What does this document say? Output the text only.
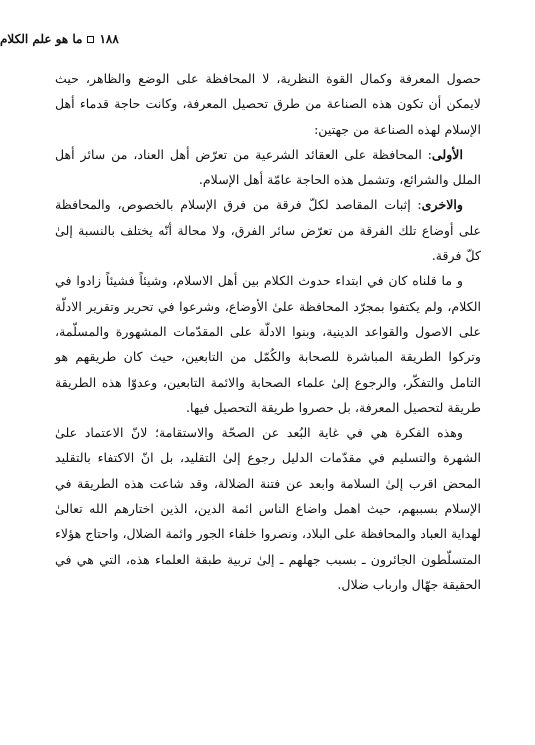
١٨٨
ما هو علم الكلام

حصول المعرفة وكمال القوة النظرية، لا المحافظة على الوضع والظاهر، حيث لايمكن أن تكون هذه الصناعة من طرق تحصيل المعرفة، وكانت حاجة قدماء أهل الإسلام لهذه الصناعة من جهتين:

الأولى: المحافظة على العقائد الشرعية من تعرّض أهل العناد، من سائر أهل الملل والشرائع، وتشمل هذه الحاجة عامّة أهل الإسلام.

والاخرى: إثبات المقاصد لكلّ فرقة من فرق الإسلام بالخصوص، والمحافظة على أوضاع تلك الفرقة من تعرّض سائر الفرق، ولا محالة أنّه يختلف بالنسبة إلىٰ كلّ فرقة.

و ما قلناه كان في ابتداء حدوث الكلام بين أهل الاسلام، وشيئاً فشيئاً زادوا في الكلام، ولم يكتفوا بمجرّد المحافظة علىٰ الأوضاع، وشرعوا في تحرير وتقرير الادلّة على الاصول والقواعد الدينية، وبنوا الادلّة على المقدّمات المشهورة والمسلّمة، وتركوا الطريقة المباشرة للصحابة والكُمّل من التابعين، حيث كان طريقهم هو التامل والتفكّر، والرجوع إلىٰ علماء الصحابة والائمة التابعين، وعدوّا هذه الطريقة طريقة لتحصيل المعرفة، بل حصروا طريقة التحصيل فيها.

وهذه الفكرة هي في غاية البُعد عن الصحّة والاستقامة؛ لانّ الاعتماد علىٰ الشهرة والتسليم في مقدّمات الدليل رجوع إلىٰ التقليد، بل انّ الاكتفاء بالتقليد المحض اقرب إلىٰ السلامة وابعد عن فتنة الضلالة، وقد شاعت هذه الطريقة في الإسلام بسببهم، حيث اهمل واضاع الناس ائمة الدين، الذين اختارهم الله تعالىٰ لهداية العباد والمحافظة على البلاد، ونصروا خلفاء الجور وائمة الضلال، واحتاج هؤلاء المتسلّطون الجائرون ـ بسبب جهلهم ـ إلىٰ تربية طبقة العلماء هذه، التي هي في الحقيقة جهّال وارباب ضلال.
